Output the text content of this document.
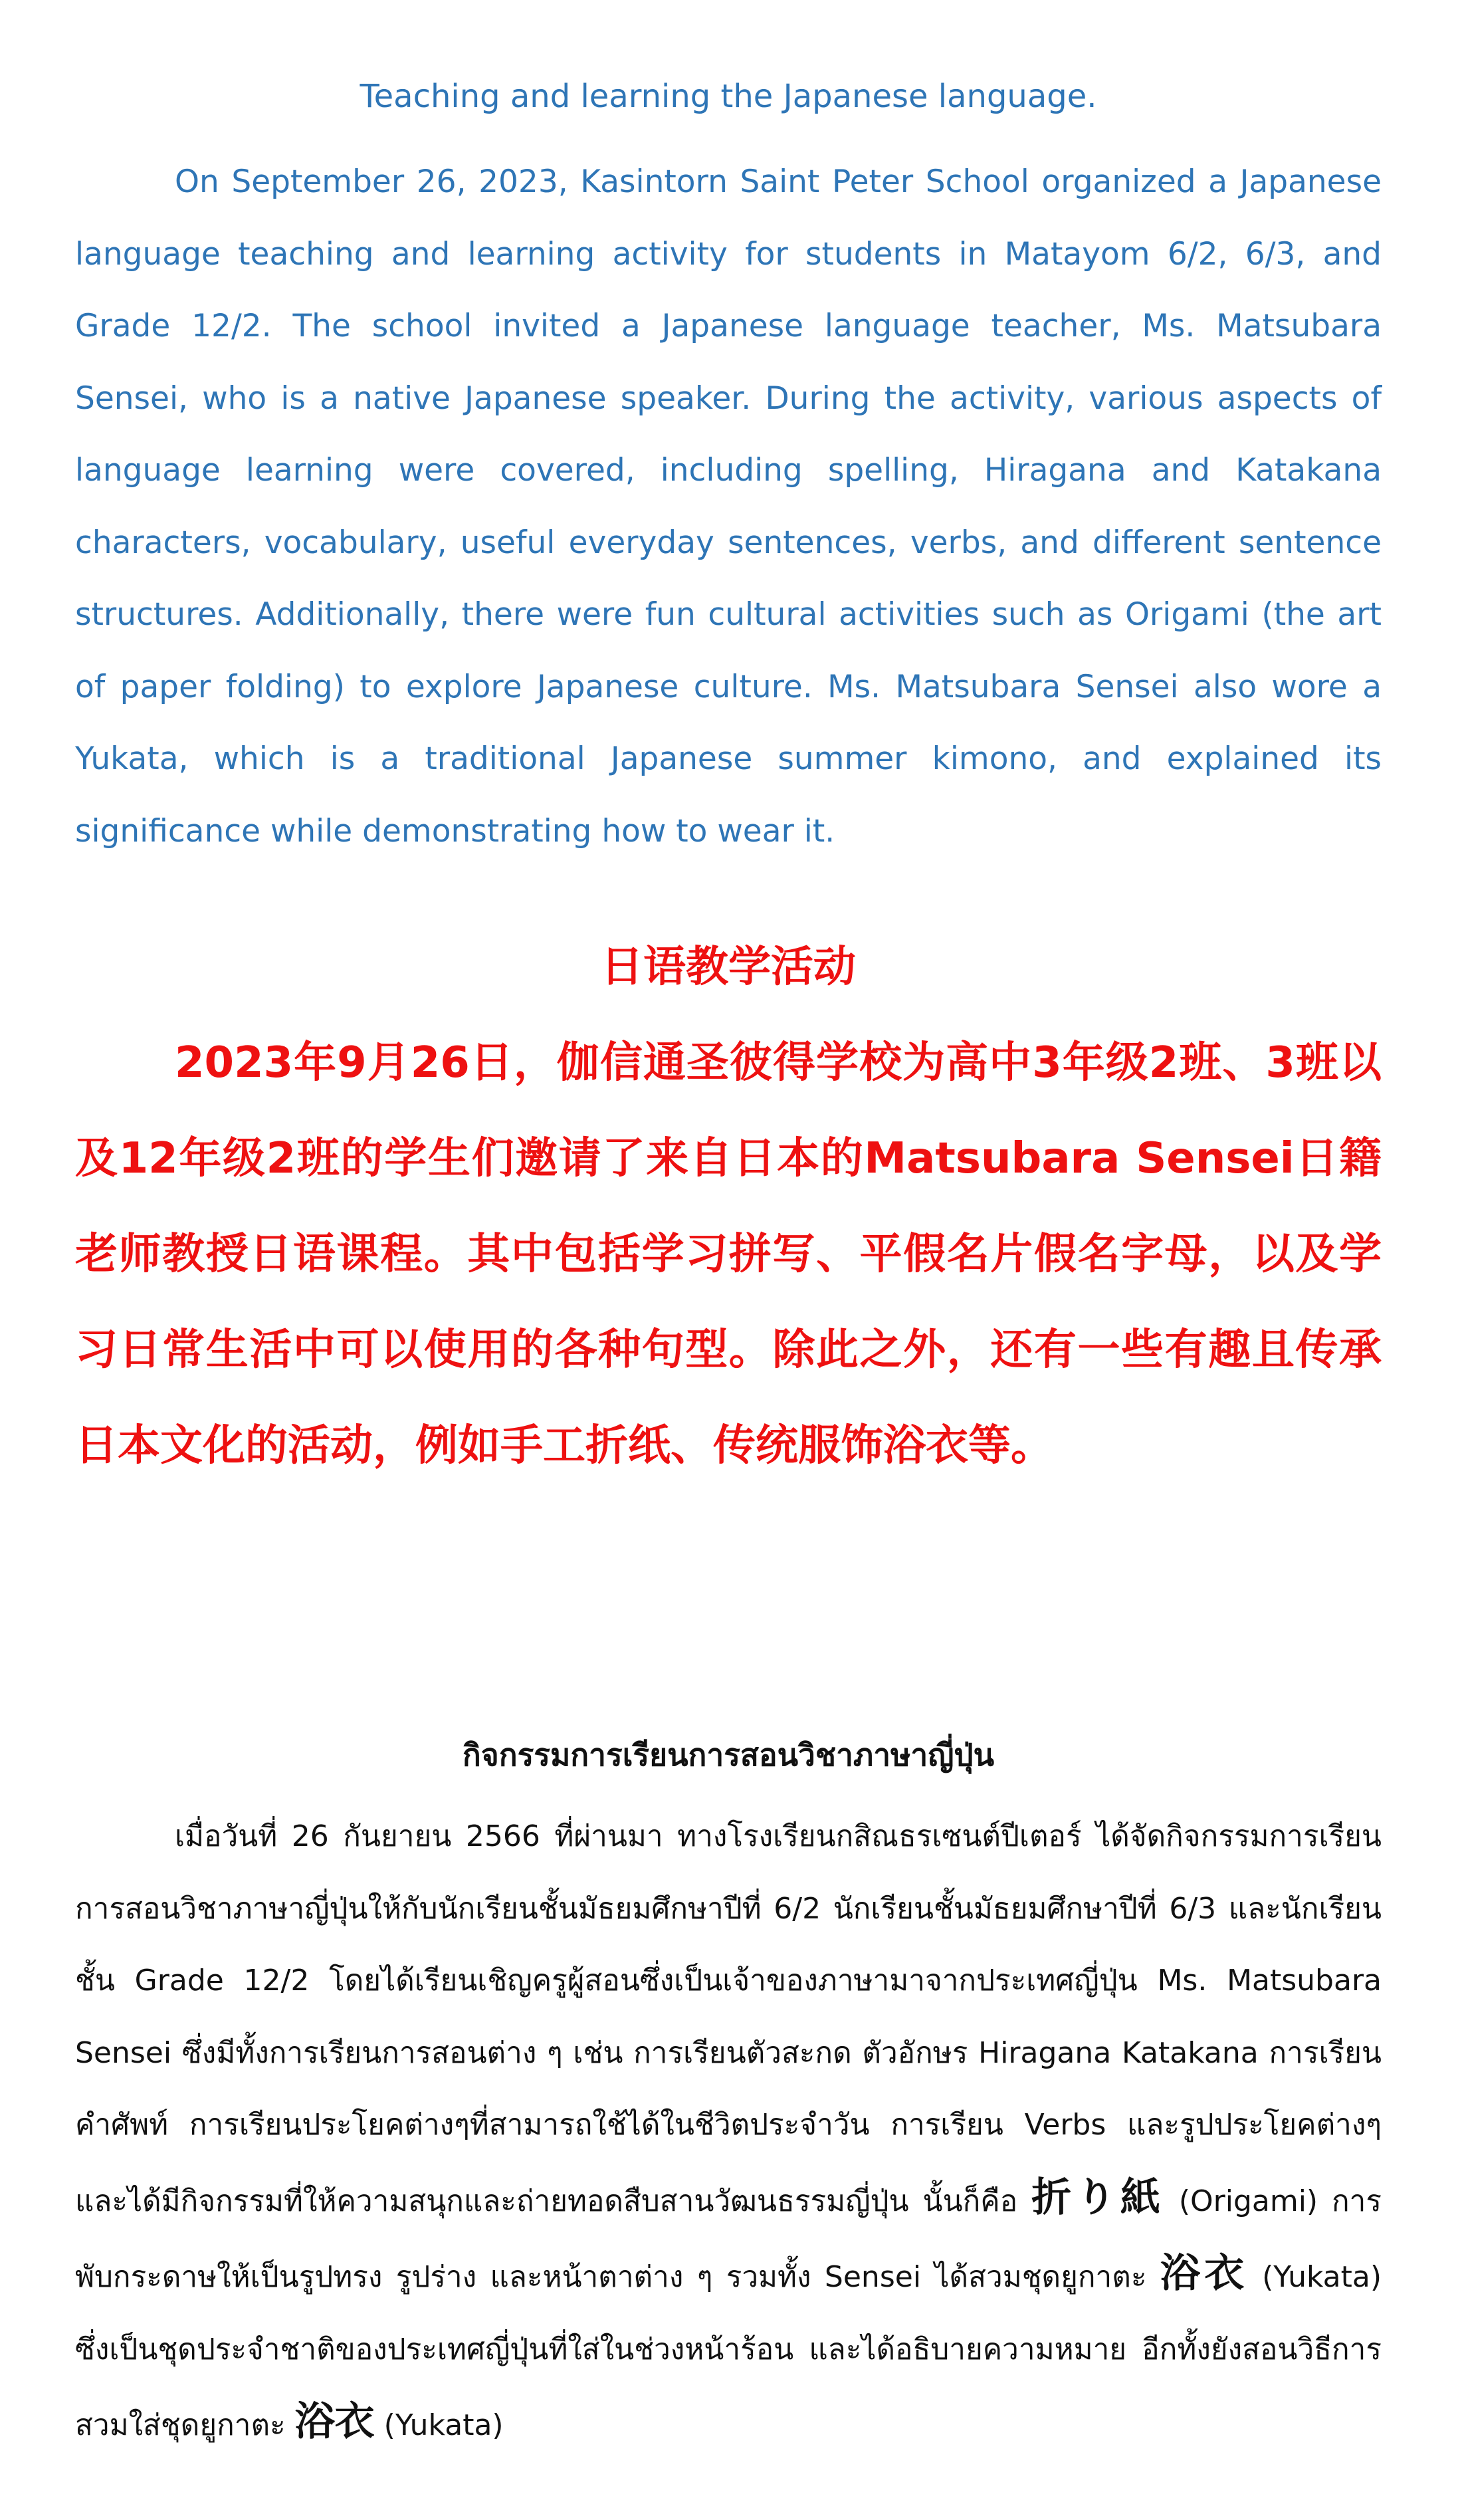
Teaching and learning the Japanese language.

On September 26, 2023, Kasintorn Saint Peter School organized a Japanese language teaching and learning activity for students in Matayom 6/2, 6/3, and Grade 12/2. The school invited a Japanese language teacher, Ms. Matsubara Sensei, who is a native Japanese speaker. During the activity, various aspects of language learning were covered, including spelling, Hiragana and Katakana characters, vocabulary, useful everyday sentences, verbs, and different sentence structures. Additionally, there were fun cultural activities such as Origami (the art of paper folding) to explore Japanese culture. Ms. Matsubara Sensei also wore a Yukata, which is a traditional Japanese summer kimono, and explained its significance while demonstrating how to wear it.

日语教学活动

2023年9月26日，伽信通圣彼得学校为高中3年级2班、3班以及12年级2班的学生们邀请了来自日本的Matsubara Sensei日籍老师教授日语课程。其中包括学习拼写、平假名片假名字母，以及学习日常生活中可以使用的各种句型。除此之外，还有一些有趣且传承日本文化的活动，例如手工折纸、传统服饰浴衣等。

กิจกรรมการเรียนการสอนวิชาภาษาญี่ปุ่น

เมื่อวันที่ 26 กันยายน 2566 ที่ผ่านมา ทางโรงเรียนกสิณธรเซนต์ปีเตอร์ ได้จัดกิจกรรมการเรียนการสอนวิชาภาษาญี่ปุ่นให้กับนักเรียนชั้นมัธยมศึกษาปีที่ 6/2 นักเรียนชั้นมัธยมศึกษาปีที่ 6/3 และนักเรียนชั้น Grade 12/2 โดยได้เรียนเชิญครูผู้สอนซึ่งเป็นเจ้าของภาษามาจากประเทศญี่ปุ่น Ms. Matsubara Sensei ซึ่งมีทั้งการเรียนการสอนต่าง ๆ เช่น การเรียนตัวสะกด ตัวอักษร Hiragana Katakana การเรียนคำศัพท์ การเรียนประโยคต่างๆที่สามารถใช้ได้ในชีวิตประจำวัน การเรียน Verbs และรูปประโยคต่างๆ และได้มีกิจกรรมที่ให้ความสนุกและถ่ายทอดสืบสานวัฒนธรรมญี่ปุ่น นั้นก็คือ 折り紙 (Origami) การพับกระดาษให้เป็นรูปทรง รูปร่าง และหน้าตาต่าง ๆ รวมทั้ง Sensei ได้สวมชุดยูกาตะ 浴衣 (Yukata) ซึ่งเป็นชุดประจำชาติของประเทศญี่ปุ่นที่ใส่ในช่วงหน้าร้อน และได้อธิบายความหมาย อีกทั้งยังสอนวิธีการสวมใส่ชุดยูกาตะ 浴衣 (Yukata)
